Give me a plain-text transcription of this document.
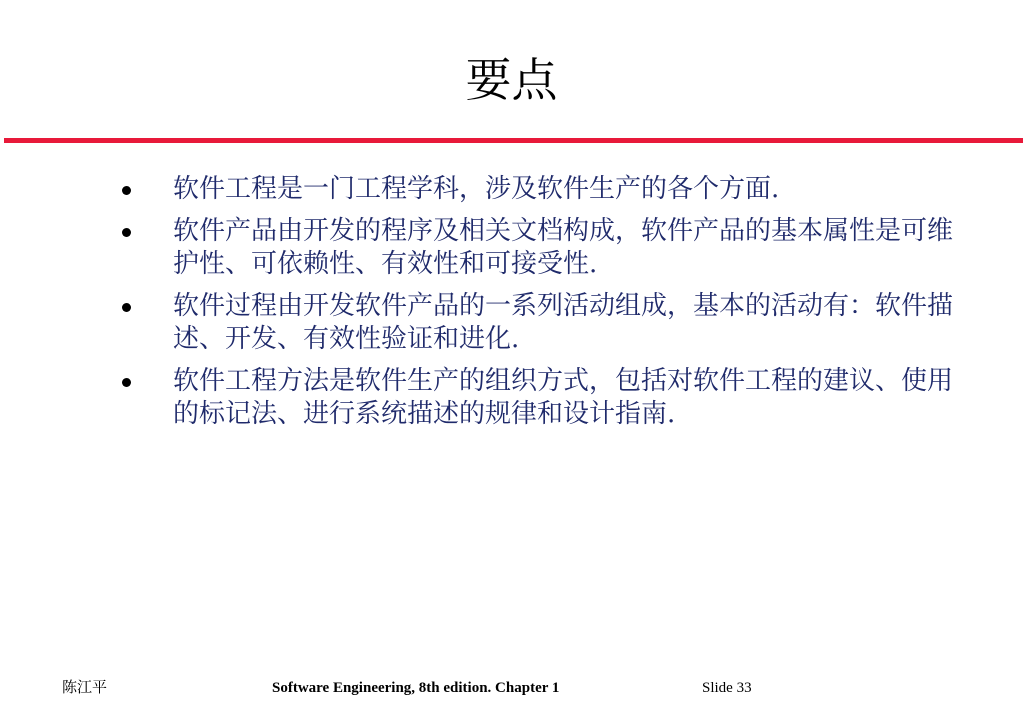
要点
软件工程是一门工程学科，涉及软件生产的各个方面.
软件产品由开发的程序及相关文档构成，软件产品的基本属性是可维护性、可依赖性、有效性和可接受性.
软件过程由开发软件产品的一系列活动组成，基本的活动有：软件描述、开发、有效性验证和进化.
软件工程方法是软件生产的组织方式，包括对软件工程的建议、使用的标记法、进行系统描述的规律和设计指南.
陈江平	Software Engineering, 8th edition. Chapter 1	Slide 33
